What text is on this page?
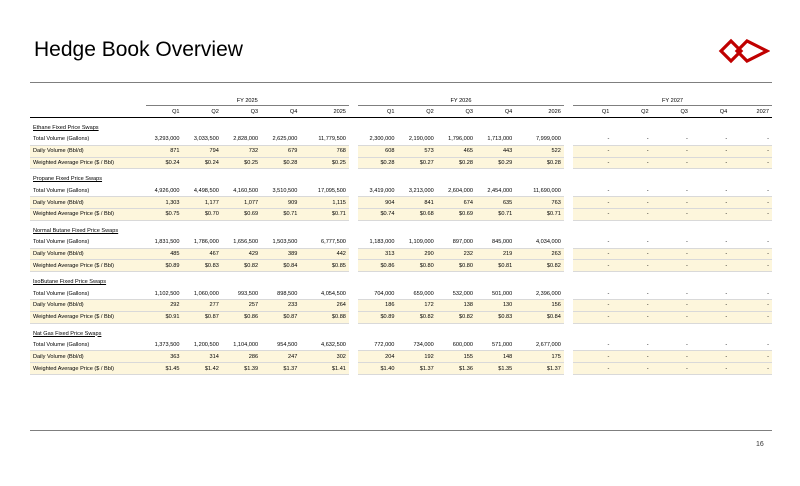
Hedge Book Overview
	FY 2025						FY 2026						FY 2027				
	Q1	Q2	Q3	Q4	2025		Q1	Q2	Q3	Q4	2026		Q1	Q2	Q3	Q4	2027
Ethane Fixed Price Swaps																	
Total Volume (Gallons)	3,293,000	3,033,500	2,828,000	2,625,000	11,779,500		2,300,000	2,190,000	1,796,000	1,713,000	7,999,000		-	-	-	-	-
Daily Volume (Bbl/d)	871	794	732	679	768		608	573	465	443	522		-	-	-	-	-
Weighted Average Price ($ / Bbl)	$0.24	$0.24	$0.25	$0.28	$0.25		$0.28	$0.27	$0.28	$0.29	$0.28		-	-	-	-	-
Propane Fixed Price Swaps																	
Total Volume (Gallons)	4,926,000	4,498,500	4,160,500	3,510,500	17,095,500		3,419,000	3,213,000	2,604,000	2,454,000	11,690,000		-	-	-	-	-
Daily Volume (Bbl/d)	1,303	1,177	1,077	909	1,115		904	841	674	635	763		-	-	-	-	-
Weighted Average Price ($ / Bbl)	$0.75	$0.70	$0.69	$0.71	$0.71		$0.74	$0.68	$0.69	$0.71	$0.71		-	-	-	-	-
Normal Butane Fixed Price Swaps																	
Total Volume (Gallons)	1,831,500	1,786,000	1,656,500	1,503,500	6,777,500		1,183,000	1,109,000	897,000	845,000	4,034,000		-	-	-	-	-
Daily Volume (Bbl/d)	485	467	429	389	442		313	290	232	219	263		-	-	-	-	-
Weighted Average Price ($ / Bbl)	$0.89	$0.83	$0.82	$0.84	$0.85		$0.86	$0.80	$0.80	$0.81	$0.82		-	-	-	-	-
IsoButane Fixed Price Swaps																	
Total Volume (Gallons)	1,102,500	1,060,000	993,500	898,500	4,054,500		704,000	659,000	532,000	501,000	2,396,000		-	-	-	-	-
Daily Volume (Bbl/d)	292	277	257	233	264		186	172	138	130	156		-	-	-	-	-
Weighted Average Price ($ / Bbl)	$0.91	$0.87	$0.86	$0.87	$0.88		$0.89	$0.82	$0.82	$0.83	$0.84		-	-	-	-	-
Nat Gas Fixed Price Swaps																	
Total Volume (Gallons)	1,373,500	1,200,500	1,104,000	954,500	4,632,500		772,000	734,000	600,000	571,000	2,677,000		-	-	-	-	-
Daily Volume (Bbl/d)	363	314	286	247	302		204	192	155	148	175		-	-	-	-	-
Weighted Average Price ($ / Bbl)	$1.45	$1.42	$1.39	$1.37	$1.41		$1.40	$1.37	$1.36	$1.35	$1.37		-	-	-	-	-
16
